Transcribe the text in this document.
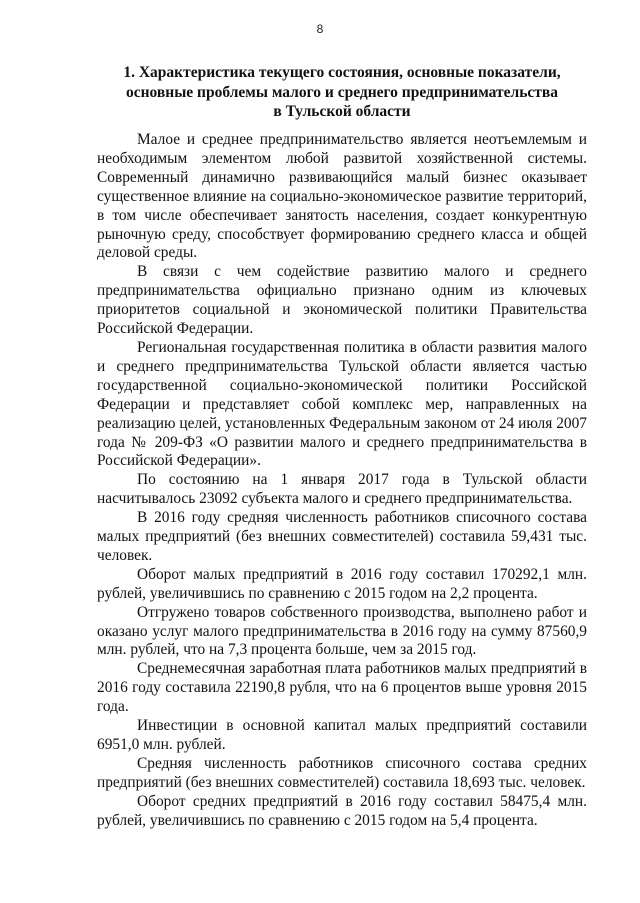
8
1. Характеристика текущего состояния, основные показатели,
основные проблемы малого и среднего предпринимательства
в Тульской области

Малое и среднее предпринимательство является неотъемлемым и необходимым элементом любой развитой хозяйственной системы. Современный динамично развивающийся малый бизнес оказывает существенное влияние на социально-экономическое развитие территорий, в том числе обеспечивает занятость населения, создает конкурентную рыночную среду, способствует формированию среднего класса и общей деловой среды.

В связи с чем содействие развитию малого и среднего предпринимательства официально признано одним из ключевых приоритетов социальной и экономической политики Правительства Российской Федерации.

Региональная государственная политика в области развития малого и среднего предпринимательства Тульской области является частью государственной социально-экономической политики Российской Федерации и представляет собой комплекс мер, направленных на реализацию целей, установленных Федеральным законом от 24 июля 2007 года № 209-ФЗ «О развитии малого и среднего предпринимательства в Российской Федерации».

По состоянию на 1 января 2017 года в Тульской области насчитывалось 23092 субъекта малого и среднего предпринимательства.

В 2016 году средняя численность работников списочного состава малых предприятий (без внешних совместителей) составила 59,431 тыс. человек.

Оборот малых предприятий в 2016 году составил 170292,1 млн. рублей, увеличившись по сравнению с 2015 годом на 2,2 процента.

Отгружено товаров собственного производства, выполнено работ и оказано услуг малого предпринимательства в 2016 году на сумму 87560,9 млн. рублей, что на 7,3 процента больше, чем за 2015 год.

Среднемесячная заработная плата работников малых предприятий в 2016 году составила 22190,8 рубля, что на 6 процентов выше уровня 2015 года.

Инвестиции в основной капитал малых предприятий составили 6951,0 млн. рублей.

Средняя численность работников списочного состава средних предприятий (без внешних совместителей) составила 18,693 тыс. человек.

Оборот средних предприятий в 2016 году составил 58475,4 млн. рублей, увеличившись по сравнению с 2015 годом на 5,4 процента.
